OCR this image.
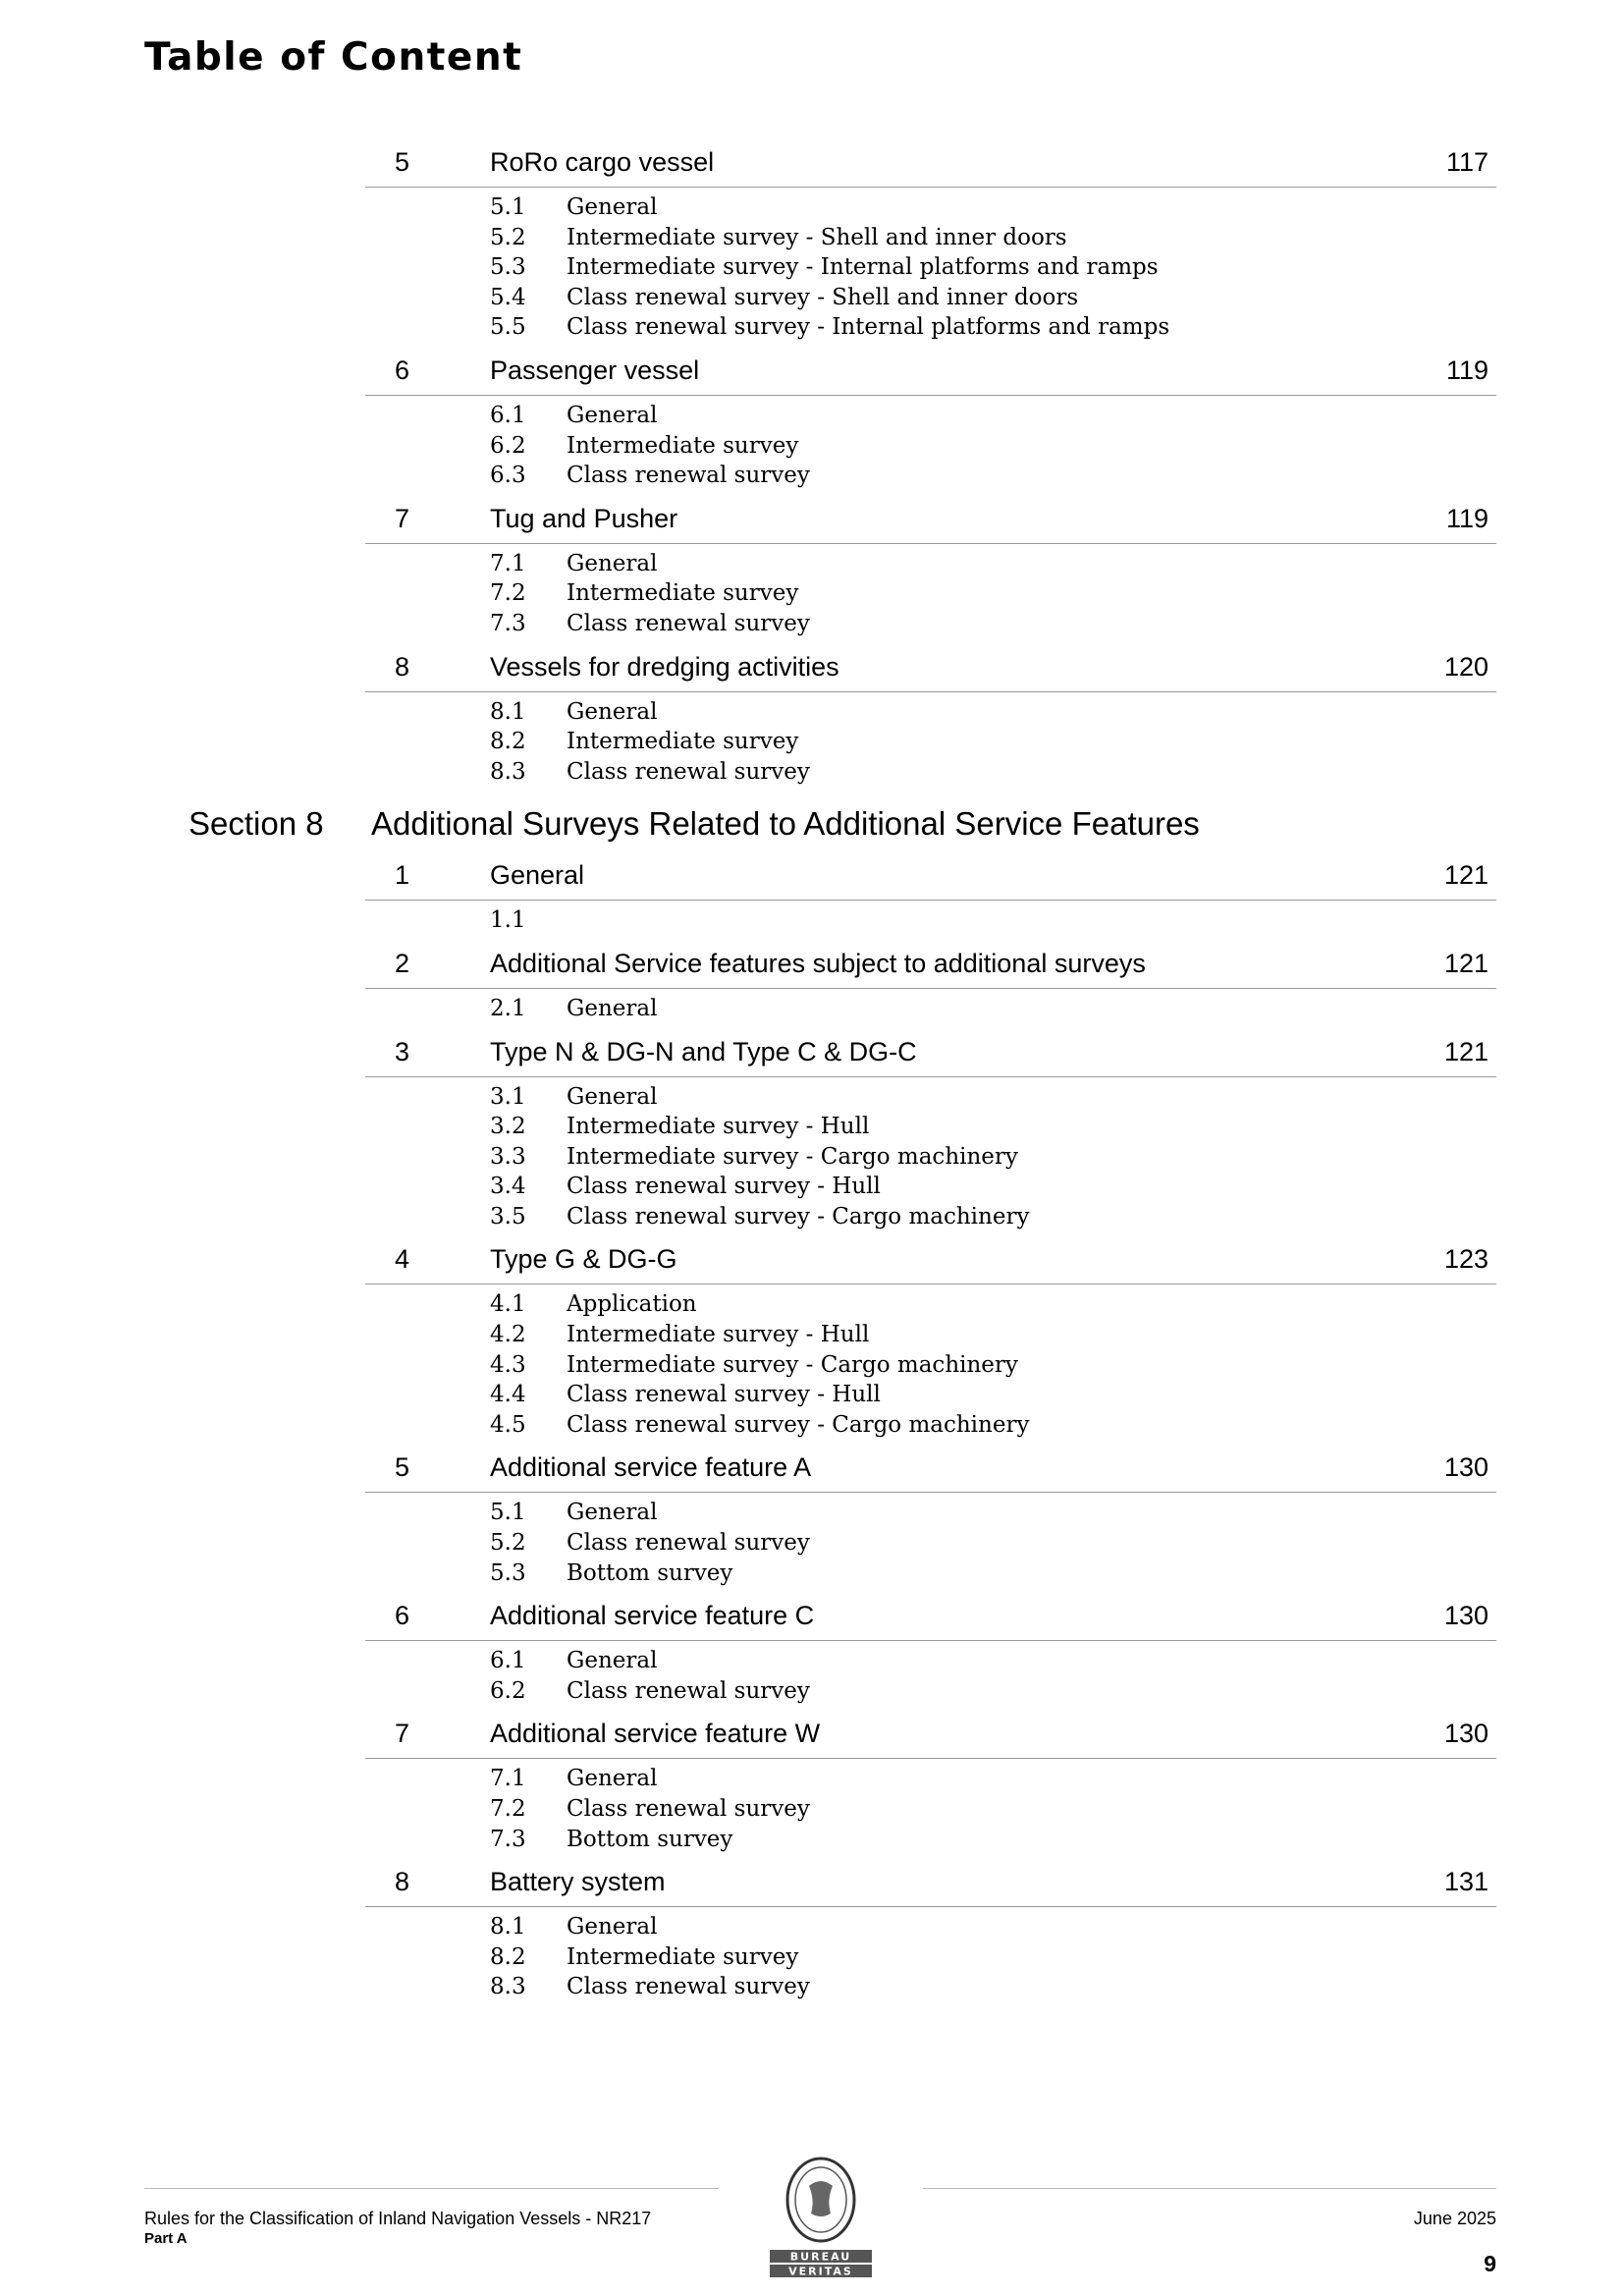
Table of Content
5	RoRo cargo vessel	117
5.1 General
5.2 Intermediate survey - Shell and inner doors
5.3 Intermediate survey - Internal platforms and ramps
5.4 Class renewal survey - Shell and inner doors
5.5 Class renewal survey - Internal platforms and ramps
6	Passenger vessel	119
6.1 General
6.2 Intermediate survey
6.3 Class renewal survey
7	Tug and Pusher	119
7.1 General
7.2 Intermediate survey
7.3 Class renewal survey
8	Vessels for dredging activities	120
8.1 General
8.2 Intermediate survey
8.3 Class renewal survey
Section 8 Additional Surveys Related to Additional Service Features
1	General	121
1.1
2	Additional Service features subject to additional surveys	121
2.1 General
3	Type N & DG-N and Type C & DG-C	121
3.1 General
3.2 Intermediate survey - Hull
3.3 Intermediate survey - Cargo machinery
3.4 Class renewal survey - Hull
3.5 Class renewal survey - Cargo machinery
4	Type G & DG-G	123
4.1 Application
4.2 Intermediate survey - Hull
4.3 Intermediate survey - Cargo machinery
4.4 Class renewal survey - Hull
4.5 Class renewal survey - Cargo machinery
5	Additional service feature A	130
5.1 General
5.2 Class renewal survey
5.3 Bottom survey
6	Additional service feature C	130
6.1 General
6.2 Class renewal survey
7	Additional service feature W	130
7.1 General
7.2 Class renewal survey
7.3 Bottom survey
8	Battery system	131
8.1 General
8.2 Intermediate survey
8.3 Class renewal survey
BUREAU
VERITAS
Rules for the Classification of Inland Navigation Vessels - NR217
Part A
June 2025
9
